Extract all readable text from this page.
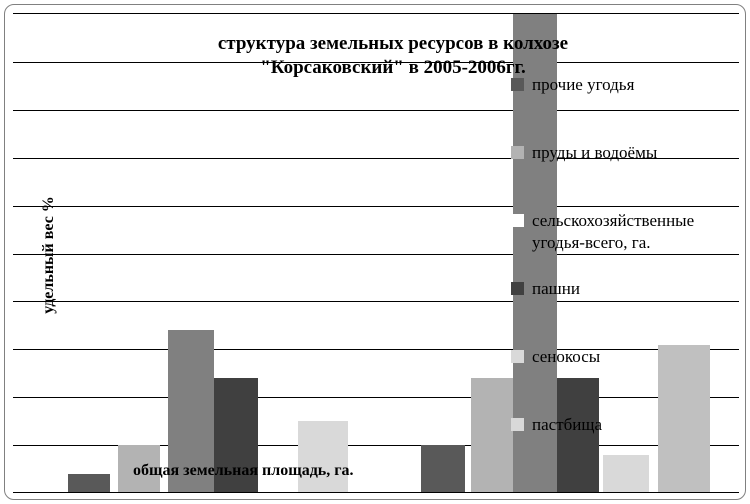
структура земельных ресурсов в колхозе
"Корсаковский" в 2005-2006гг.
удельный вес %
общая земельная площадь, га.
прочие угодья
пруды и водоёмы
сельскохозяйственные угодья-всего, га.
пашни
сенокосы
пастбища
